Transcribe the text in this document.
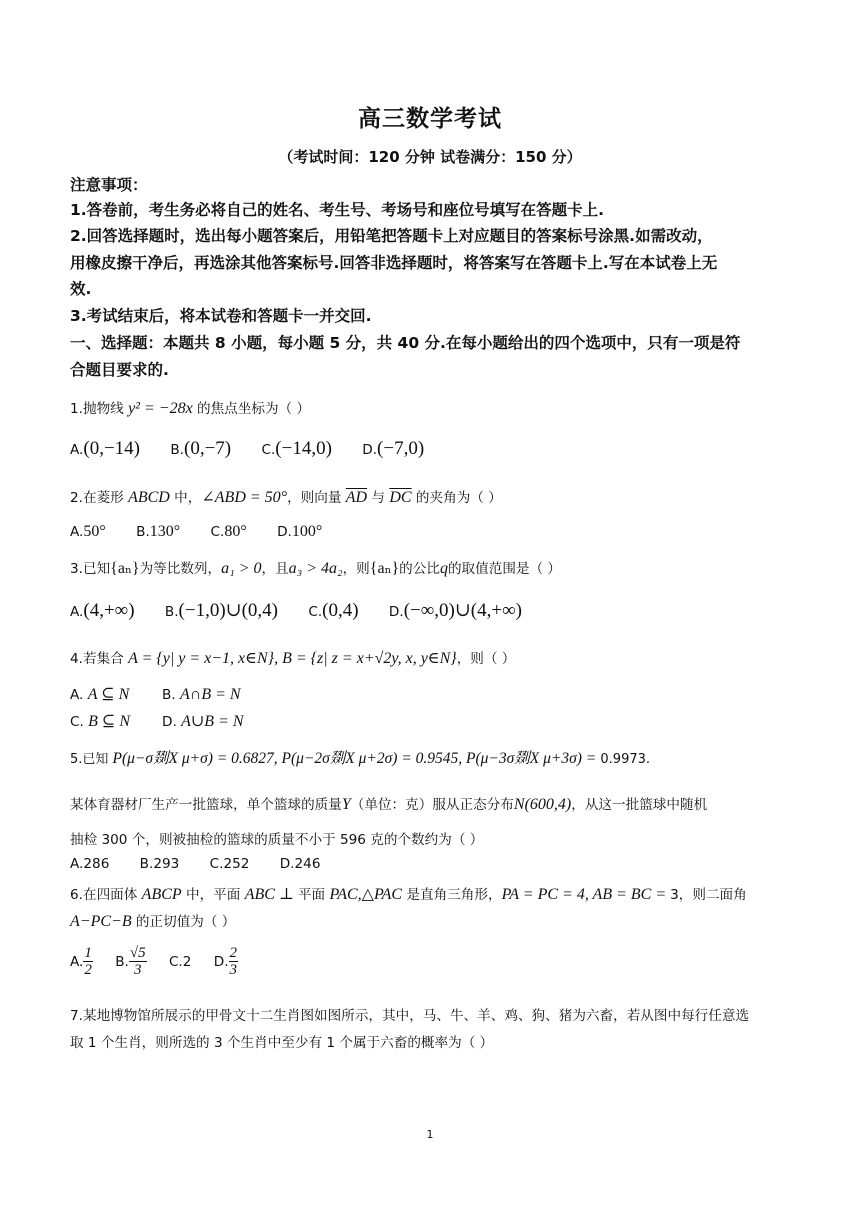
高三数学考试
（考试时间：120 分钟 试卷满分：150 分）
注意事项：
1.答卷前，考生务必将自己的姓名、考生号、考场号和座位号填写在答题卡上.
2.回答选择题时，选出每小题答案后，用铅笔把答题卡上对应题目的答案标号涂黑.如需改动，
用橡皮擦干净后，再选涂其他答案标号.回答非选择题时，将答案写在答题卡上.写在本试卷上无
效.
3.考试结束后，将本试卷和答题卡一并交回.
一、选择题：本题共 8 小题，每小题 5 分，共 40 分.在每小题给出的四个选项中，只有一项是符
合题目要求的.
1.抛物线 y² = −28x 的焦点坐标为（ ）
A.(0,−14) B.(0,−7) C.(−14,0) D.(−7,0)
2.在菱形 ABCD 中，∠ABD = 50°，则向量 $\overline{AD}$ 与 $\overline{DC}$ 的夹角为（ ）
A.50° B.130° C.80° D.100°
3.已知{aₙ}为等比数列，a₁ > 0，且a₃ > 4a₂，则{aₙ}的公比q的取值范围是（ ）
A.(4,+∞) B.(−1,0)∪(0,4) C.(0,4) D.(−∞,0)∪(4,+∞)
4.若集合 A = {y| y = x−1, x∈N}, B = {z| z = x+√2y, x, y∈N}，则（ ）
A. A ⊆ N B. A∩B = N
C. B ⊆ N D. A∪B = N
5.已知 P(μ−σ剟X μ+σ) = 0.6827, P(μ−2σ剟X μ+2σ) = 0.9545, P(μ−3σ剟X μ+3σ) = 0.9973.
某体育器材厂生产一批篮球，单个篮球的质量Y（单位：克）服从正态分布N(600,4)，从这一批篮球中随机
抽检 300 个，则被抽检的篮球的质量不小于 596 克的个数约为（ ）
A.286 B.293 C.252 D.246
6.在四面体 ABCP 中，平面 ABC ⊥ 平面 PAC,△PAC 是直角三角形，PA = PC = 4, AB = BC = 3，则二面角
A−PC−B 的正切值为（ ）
A. $\frac{1}{2} B$. $\frac{√5}{3} C.2$ D. $\frac{2}{3}$
7.某地博物馆所展示的甲骨文十二生肖图如图所示，其中，马、牛、羊、鸡、狗、猪为六畜，若从图中每行任意选
取 1 个生肖，则所选的 3 个生肖中至少有 1 个属于六畜的概率为（ ）
1
